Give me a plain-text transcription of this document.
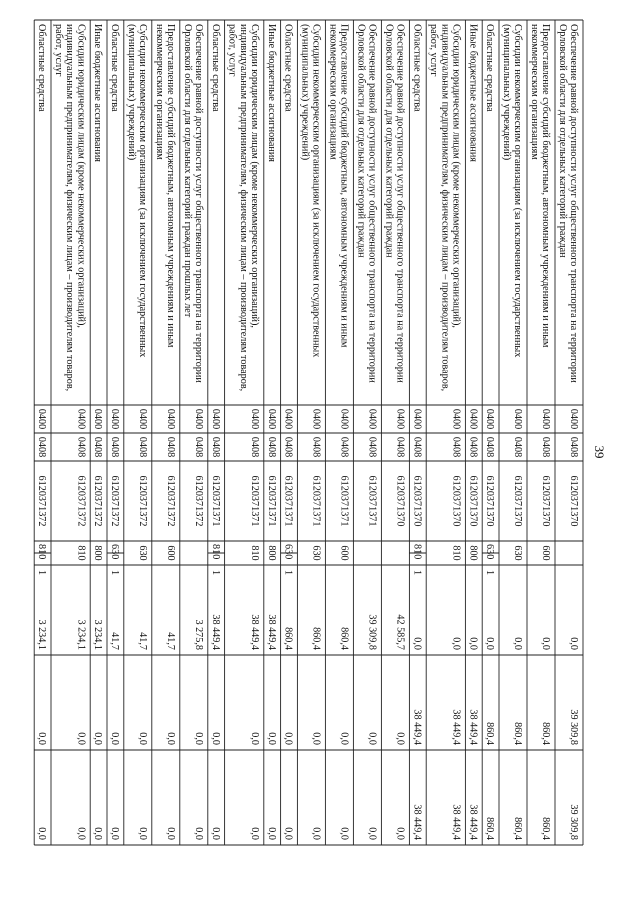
39
Обеспечение равной доступности услуг общественного транспорта на территорииОрловской области для отдельных категорий граждан
0400
0408
6120371370
0,0
39 309,8
39 309,8
Предоставление субсидий бюджетным, автономным учреждениям и инымнекоммерческим организациям
0400
0408
6120371370
600
0,0
860,4
860,4
Субсидии некоммерческим организациям (за исключением государственных(муниципальных) учреждений)
0400
0408
6120371370
630
0,0
860,4
860,4
Областные средства
0400
0408
6120371370
630
1
0,0
860,4
860,4
Иные бюджетные ассигнования
0400
0408
6120371370
800
0,0
38 449,4
38 449,4
Субсидии юридическим лицам (кроме некоммерческих организаций),индивидуальным предпринимателям, физическим лицам – производителям товаров,работ, услуг
0400
0408
6120371370
810
0,0
38 449,4
38 449,4
Областные средства
0400
0408
6120371370
810
1
0,0
38 449,4
38 449,4
Обеспечение равной доступности услуг общественного транспорта на территорииОрловской области для отдельных категорий граждан
0400
0408
6120371370
42 585,7
0,0
0,0
Обеспечение равной доступности услуг общественного транспорта на территорииОрловской области для отдельных категорий граждан
0400
0408
6120371371
39 309,8
0,0
0,0
Предоставление субсидий бюджетным, автономным учреждениям и инымнекоммерческим организациям
0400
0408
6120371371
600
860,4
0,0
0,0
Субсидии некоммерческим организациям (за исключением государственных(муниципальных) учреждений)
0400
0408
6120371371
630
860,4
0,0
0,0
Областные средства
0400
0408
6120371371
630
1
860,4
0,0
0,0
Иные бюджетные ассигнования
0400
0408
6120371371
800
38 449,4
0,0
0,0
Субсидии юридическим лицам (кроме некоммерческих организаций),индивидуальным предпринимателям, физическим лицам – производителям товаров,работ, услуг
0400
0408
6120371371
810
38 449,4
0,0
0,0
Областные средства
0400
0408
6120371371
810
1
38 449,4
0,0
0,0
Обеспечение равной доступности услуг общественного транспорта на территорииОрловской области для отдельных категорий граждан прошлых лет
0400
0408
6120371372
3 275,8
0,0
0,0
Предоставление субсидий бюджетным, автономным учреждениям и инымнекоммерческим организациям
0400
0408
6120371372
600
41,7
0,0
0,0
Субсидии некоммерческим организациям (за исключением государственных(муниципальных) учреждений)
0400
0408
6120371372
630
41,7
0,0
0,0
Областные средства
0400
0408
6120371372
630
1
41,7
0,0
0,0
Иные бюджетные ассигнования
0400
0408
6120371372
800
3 234,1
0,0
0,0
Субсидии юридическим лицам (кроме некоммерческих организаций),индивидуальным предпринимателям, физическим лицам – производителям товаров,работ, услуг
0400
0408
6120371372
810
3 234,1
0,0
0,0
Областные средства
0400
0408
6120371372
810
1
3 234,1
0,0
0,0
